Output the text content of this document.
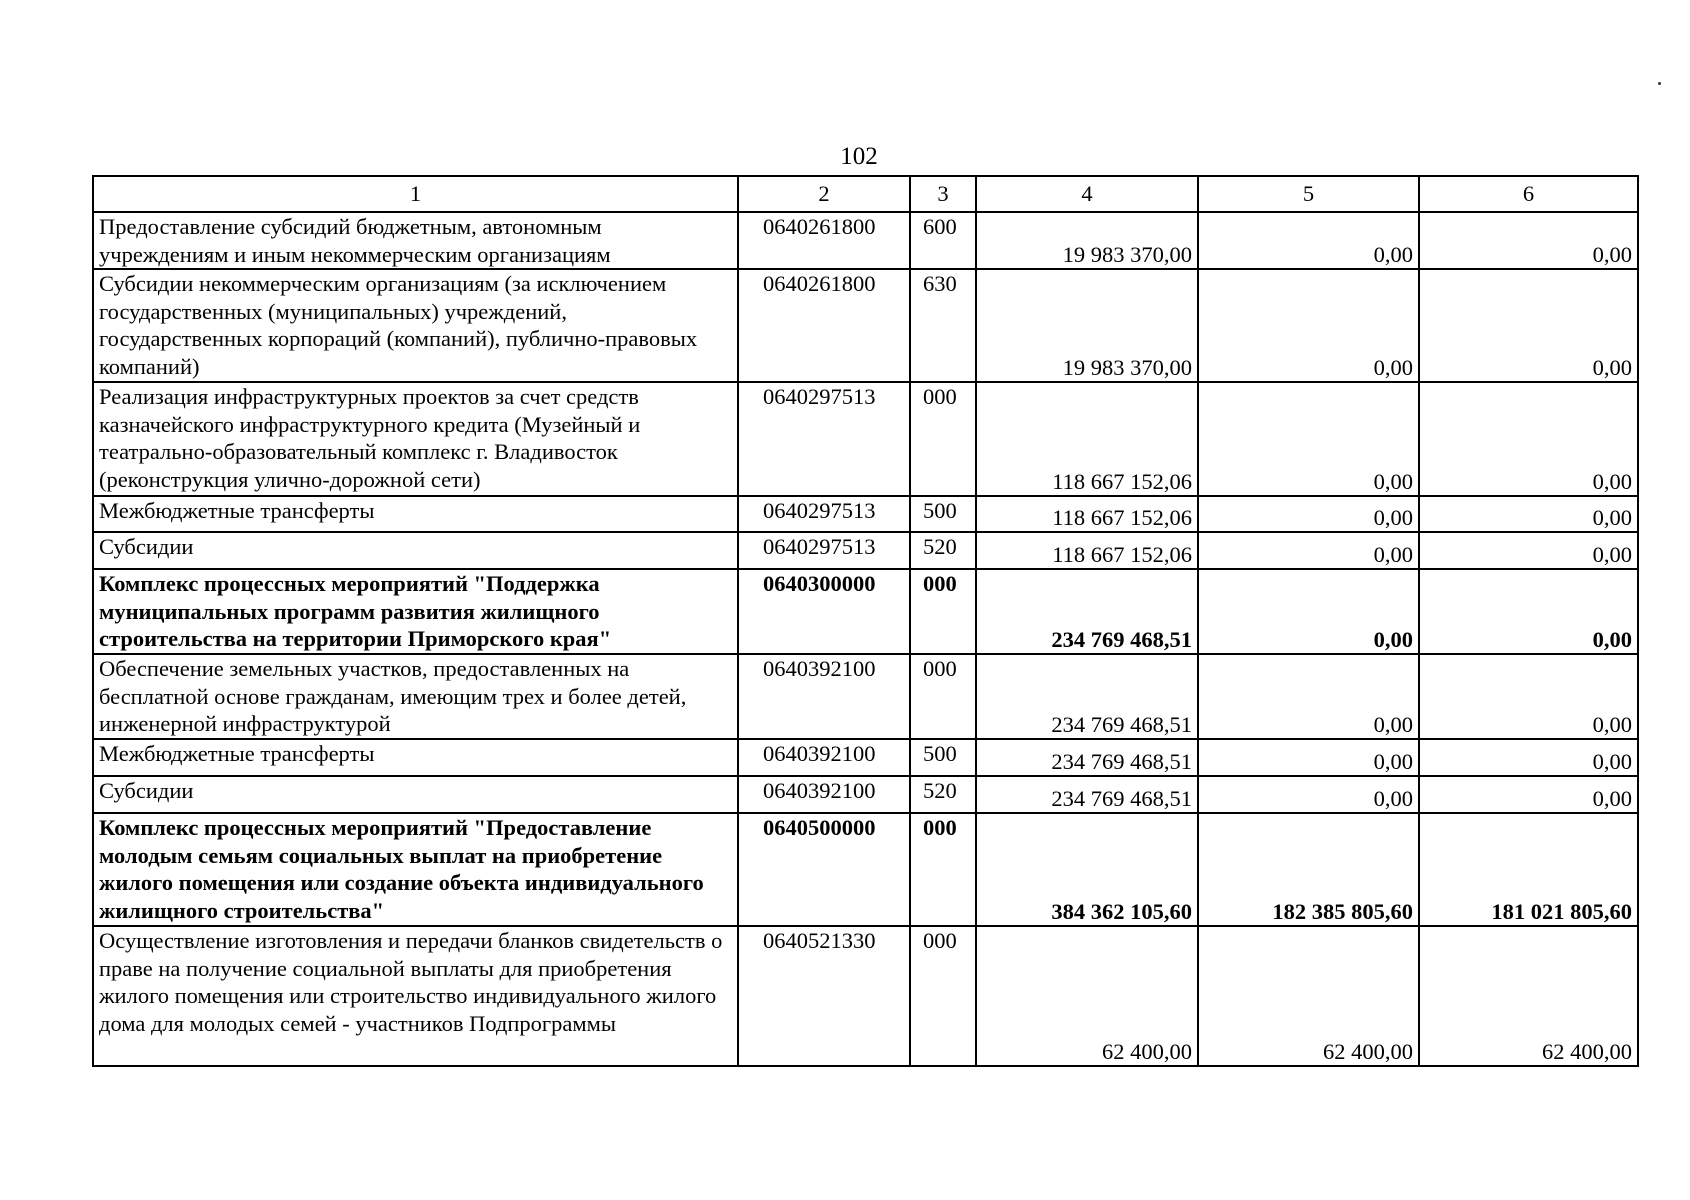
102
1	2	3	4	5	6
Предоставление субсидий бюджетным, автономным учреждениям и иным некоммерческим организациям	0640261800	600	19 983 370,00	0,00	0,00
Субсидии некоммерческим организациям (за исключением государственных (муниципальных) учреждений, государственных корпораций (компаний), публично-правовых компаний)	0640261800	630	19 983 370,00	0,00	0,00
Реализация инфраструктурных проектов за счет средств казначейского инфраструктурного кредита (Музейный и театрально-образовательный комплекс г. Владивосток (реконструкция улично-дорожной сети)	0640297513	000	118 667 152,06	0,00	0,00
Межбюджетные трансферты	0640297513	500	118 667 152,06	0,00	0,00
Субсидии	0640297513	520	118 667 152,06	0,00	0,00
Комплекс процессных мероприятий "Поддержка муниципальных программ развития жилищного строительства на территории Приморского края"	0640300000	000	234 769 468,51	0,00	0,00
Обеспечение земельных участков, предоставленных на бесплатной основе гражданам, имеющим трех и более детей, инженерной инфраструктурой	0640392100	000	234 769 468,51	0,00	0,00
Межбюджетные трансферты	0640392100	500	234 769 468,51	0,00	0,00
Субсидии	0640392100	520	234 769 468,51	0,00	0,00
Комплекс процессных мероприятий "Предоставление молодым семьям социальных выплат на приобретение жилого помещения или создание объекта индивидуального жилищного строительства"	0640500000	000	384 362 105,60	182 385 805,60	181 021 805,60
Осуществление изготовления и передачи бланков свидетельств о праве на получение социальной выплаты для приобретения жилого помещения или строительство индивидуального жилого дома для молодых семей - участников Подпрограммы	0640521330	000	62 400,00	62 400,00	62 400,00
